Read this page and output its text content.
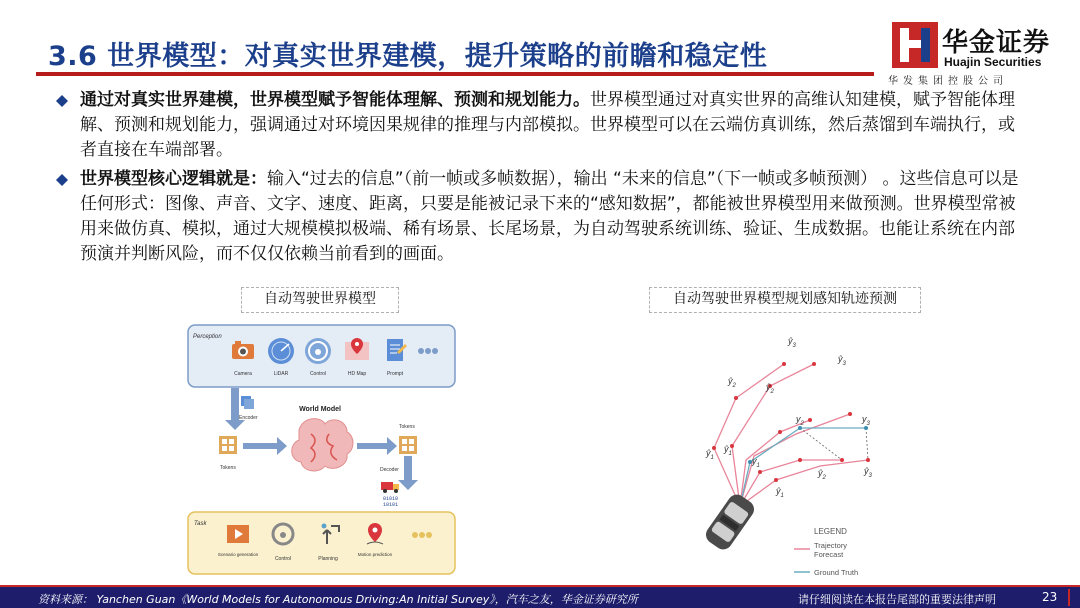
3.6 世界模型：对真实世界建模，提升策略的前瞻和稳定性	华金证券
Huajin Securities
华发集团控股公司
通过对真实世界建模，世界模型赋予智能体理解、预测和规划能力。世界模型通过对真实世界的高维认知建模，赋予智能体理解、预测和规划能力，强调通过对环境因果规律的推理与内部模拟。世界模型可以在云端仿真训练，然后蒸馏到车端执行，或者直接在车端部署。
世界模型核心逻辑就是：输入“过去的信息”（前一帧或多帧数据），输出 “未来的信息”（下一帧或多帧预测） 。这些信息可以是任何形式：图像、声音、文字、速度、距离，只要是能被记录下来的“感知数据”，都能被世界模型用来做预测。世界模型常被用来做仿真、模拟，通过大规模模拟极端、稀有场景、长尾场景，为自动驾驶系统训练、验证、生成数据。也能让系统在内部预演并判断风险，而不仅仅依赖当前看到的画面。
自动驾驶世界模型	自动驾驶世界模型规划感知轨迹预测
Perception
Camera	LiDAR	Control	HD Map	Prompt
Encoder
Tokens
World Model
Tokens
Decoder
01010
10101
Task
Scenario generation
Control	Planning
Motion prediction
$ŷ_3$
$ŷ_3$
$ŷ_2$	$ŷ_2$
$ŷ_1$
$ŷ_1$
$y_1$
$y_2$	$y_3$
$ŷ_1$
$ŷ_2$
$ŷ_3$
LEGEND
Trajectory Forecast
Ground Truth
资料来源： Yanchen Guan《World Models for Autonomous Driving:An Initial Survey》，汽车之友，华金证券研究所	请仔细阅读在本报告尾部的重要法律声明	23
